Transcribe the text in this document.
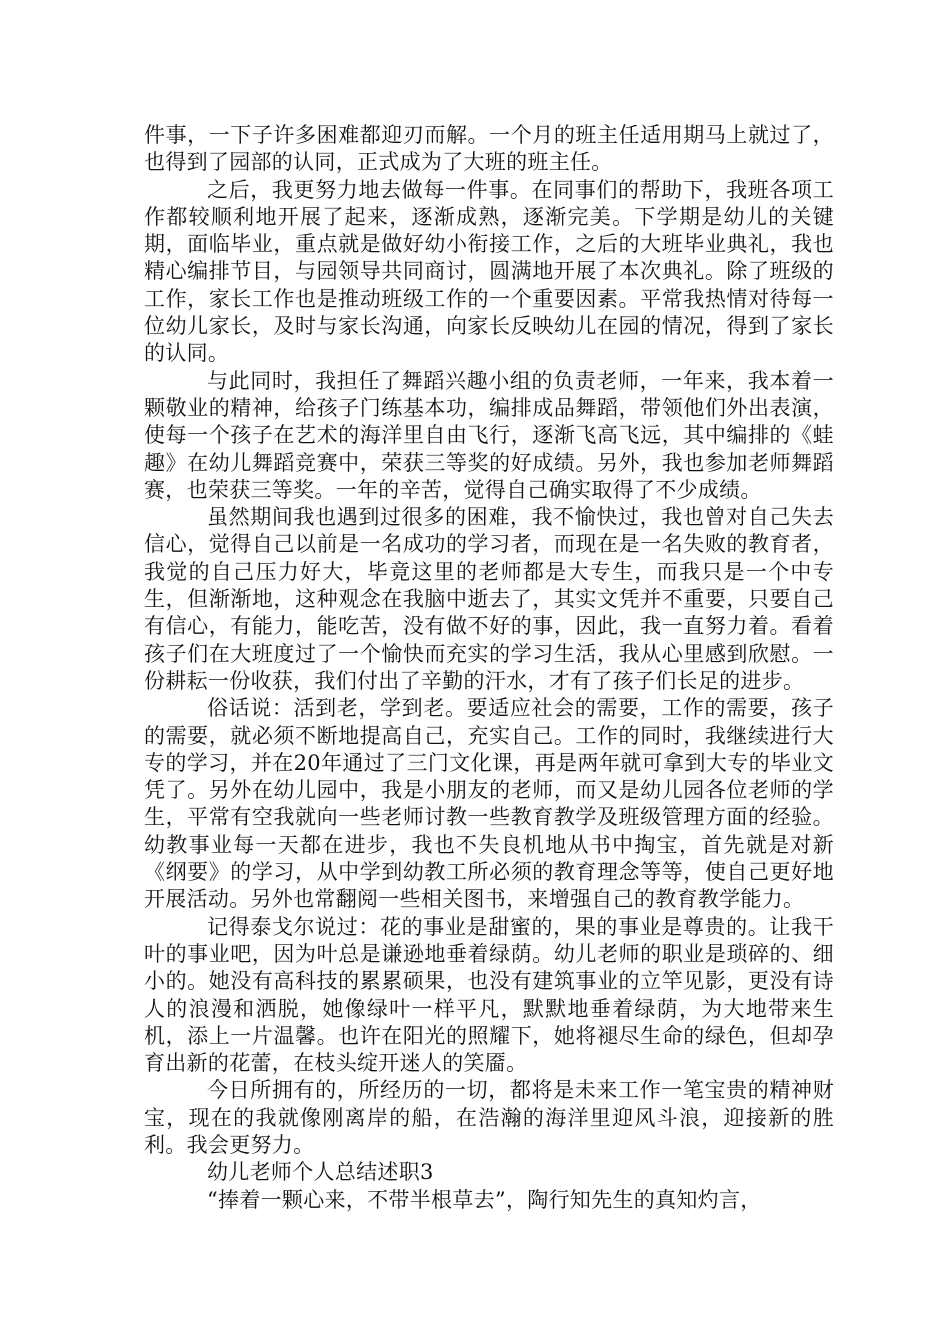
件事，一下子许多困难都迎刃而解。一个月的班主任适用期马上就过了，也得到了园部的认同，正式成为了大班的班主任。

之后，我更努力地去做每一件事。在同事们的帮助下，我班各项工作都较顺利地开展了起来，逐渐成熟，逐渐完美。下学期是幼儿的关键期，面临毕业，重点就是做好幼小衔接工作，之后的大班毕业典礼，我也精心编排节目，与园领导共同商讨，圆满地开展了本次典礼。除了班级的工作，家长工作也是推动班级工作的一个重要因素。平常我热情对待每一位幼儿家长，及时与家长沟通，向家长反映幼儿在园的情况，得到了家长的认同。

与此同时，我担任了舞蹈兴趣小组的负责老师，一年来，我本着一颗敬业的精神，给孩子门练基本功，编排成品舞蹈，带领他们外出表演，使每一个孩子在艺术的海洋里自由飞行，逐渐飞高飞远，其中编排的《蛙趣》在幼儿舞蹈竞赛中，荣获三等奖的好成绩。另外，我也参加老师舞蹈赛，也荣获三等奖。一年的辛苦，觉得自己确实取得了不少成绩。

虽然期间我也遇到过很多的困难，我不愉快过，我也曾对自己失去信心，觉得自己以前是一名成功的学习者，而现在是一名失败的教育者，我觉的自己压力好大，毕竟这里的老师都是大专生，而我只是一个中专生，但渐渐地，这种观念在我脑中逝去了，其实文凭并不重要，只要自己有信心，有能力，能吃苦，没有做不好的事，因此，我一直努力着。看着孩子们在大班度过了一个愉快而充实的学习生活，我从心里感到欣慰。一份耕耘一份收获，我们付出了辛勤的汗水，才有了孩子们长足的进步。

俗话说：活到老，学到老。要适应社会的需要，工作的需要，孩子的需要，就必须不断地提高自己，充实自己。工作的同时，我继续进行大专的学习，并在20年通过了三门文化课，再是两年就可拿到大专的毕业文凭了。另外在幼儿园中，我是小朋友的老师，而又是幼儿园各位老师的学生，平常有空我就向一些老师讨教一些教育教学及班级管理方面的经验。幼教事业每一天都在进步，我也不失良机地从书中掏宝，首先就是对新《纲要》的学习，从中学到幼教工所必须的教育理念等等，使自己更好地开展活动。另外也常翻阅一些相关图书，来增强自己的教育教学能力。

记得泰戈尔说过：花的事业是甜蜜的，果的事业是尊贵的。让我干叶的事业吧，因为叶总是谦逊地垂着绿荫。幼儿老师的职业是琐碎的、细小的。她没有高科技的累累硕果，也没有建筑事业的立竿见影，更没有诗人的浪漫和洒脱，她像绿叶一样平凡，默默地垂着绿荫，为大地带来生机，添上一片温馨。也许在阳光的照耀下，她将褪尽生命的绿色，但却孕育出新的花蕾，在枝头绽开迷人的笑靥。

今日所拥有的，所经历的一切，都将是未来工作一笔宝贵的精神财宝，现在的我就像刚离岸的船，在浩瀚的海洋里迎风斗浪，迎接新的胜利。我会更努力。

幼儿老师个人总结述职3

“捧着一颗心来，不带半根草去”，陶行知先生的真知灼言，
